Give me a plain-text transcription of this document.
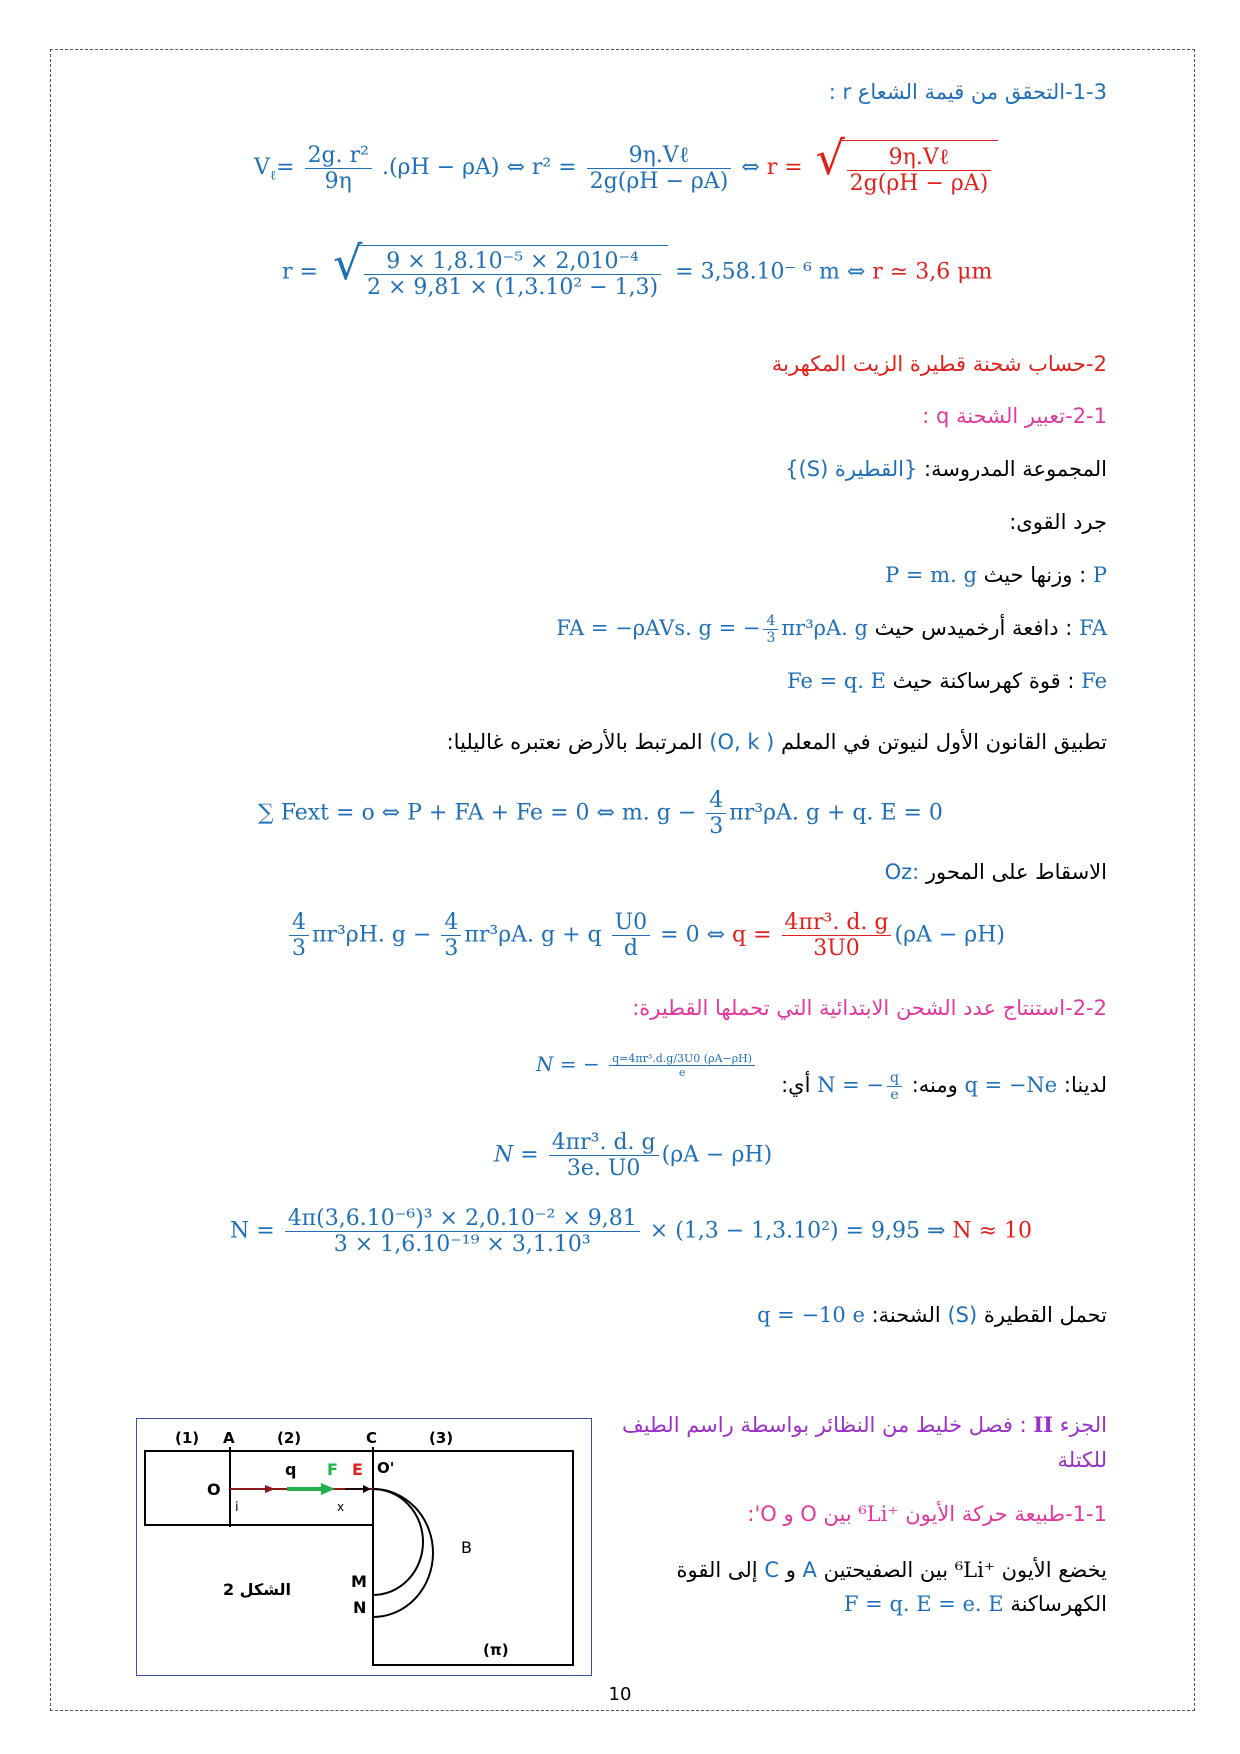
1-3-التحقق من قيمة الشعاع r :
$V_\ell= \frac{\text{2g. r²}}{9\eta} .(\rho H - \rho A)$ ⇔ $r^2 = \frac{\text{9η.Vℓ}}{2g(\rho H - \rho A)}$ ⇔ r = √ $\frac{\text{9η.Vℓ}}{2g(\rho H - \rho A)}$
r = √ $\frac{\text{9 × 1,8.10⁻⁵ × 2,010⁻⁴}}{\text{2 × 9,81 × (1,3.10² − 1,3)}} = 3,58.10^-$ ⁶ m ⇔ r ≃ 3,6 μm
2-حساب شحنة قطيرة الزيت المكهربة
2-1-تعبير الشحنة q :
المجموعة المدروسة: {القطيرة (S)}
جرد القوى:
P : وزنها حيث P = m. g
FA : دافعة أرخميدس حيث FA = −ρAVs. g = − $\frac{4}{3} \pi r^3\rho A$. g
Fe : قوة كهرساكنة حيث Fe = q. E
تطبيق القانون الأول لنيوتن في المعلم (O, k ) المرتبط بالأرض نعتبره غاليليا:
∑ Fext = o ⇔ P + FA + Fe = 0 ⇔ m. $g - \frac{4}{3} \pi r^3\rho A$. g + q. E = 0
الاسقاط على المحور Oz:
$\frac{4}{3} \pi r^3\rho H$. $g - \frac{4}{3} \pi r^3\rho A$. g + q $\frac{U0}{d} = 0$ ⇔ $q = \frac{\text{4πr³. d. g}}{3U0} (\rho A - \rho H)$
2-2-استنتاج عدد الشحن الابتدائية التي تحملها القطيرة:
لدينا: q = −Ne ومنه: N = − $\frac{q}{e}$
أي:
N = − $\frac{\text{q=4πr³.d.g/3U0 (ρA−ρH)}}{e}$
$N = \frac{\text{4πr³. d. g}}{3e. U0} (\rho A - \rho H)$
$N = \frac{\text{4π(3,6.10⁻⁶)³ × 2,0.10⁻² × 9,81}}{\text{3 × 1,6.10⁻¹⁹ × 3,1.10³}} \times (1,3 - 1,3.10^2) = 9,95$ ⇒ N ≈ 10
تحمل القطيرة (S) الشحنة: q = −10 e
الجزء II : فصل خليط من النظائر بواسطة راسم الطيف
للكتلة
1-1-طبيعة حركة الأيون ⁶Li⁺ بين O و O':
يخضع الأيون ⁶Li⁺ بين الصفيحتين A و C إلى القوة
الكهرساكنة F = q. E = e. E
(1) A	(2)	C	(3)
O
O'
q F E
i	x
B
M
N
(π)
الشكل 2
10
